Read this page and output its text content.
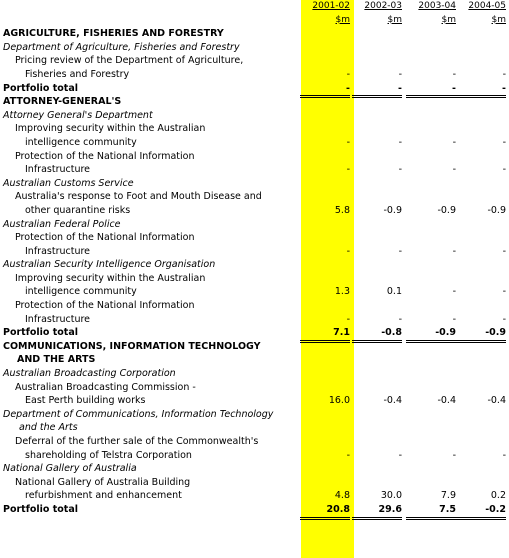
2001-02	2002-03	2003-04	2004-05
$m	$m	$m	$m
AGRICULTURE, FISHERIES AND FORESTRY
Department of Agriculture, Fisheries and Forestry
Pricing review of the Department of Agriculture,
Fisheries and Forestry	-	-	-	-
Portfolio total	-	-	-	-
ATTORNEY-GENERAL'S
Attorney General's Department
Improving security within the Australian
intelligence community	-	-	-	-
Protection of the National Information
Infrastructure	-	-	-	-
Australian Customs Service
Australia's response to Foot and Mouth Disease and
other quarantine risks	5.8	-0.9	-0.9	-0.9
Australian Federal Police
Protection of the National Information
Infrastructure	-	-	-	-
Australian Security Intelligence Organisation
Improving security within the Australian
intelligence community	1.3	0.1	-	-
Protection of the National Information
Infrastructure	-	-	-	-
Portfolio total	7.1	-0.8	-0.9	-0.9
COMMUNICATIONS, INFORMATION TECHNOLOGY
AND THE ARTS
Australian Broadcasting Corporation
Australian Broadcasting Commission -
East Perth building works	16.0	-0.4	-0.4	-0.4
Department of Communications, Information Technology
and the Arts
Deferral of the further sale of the Commonwealth's
shareholding of Telstra Corporation	-	-	-	-
National Gallery of Australia
National Gallery of Australia Building
refurbishment and enhancement	4.8	30.0	7.9	0.2
Portfolio total	20.8	29.6	7.5	-0.2
